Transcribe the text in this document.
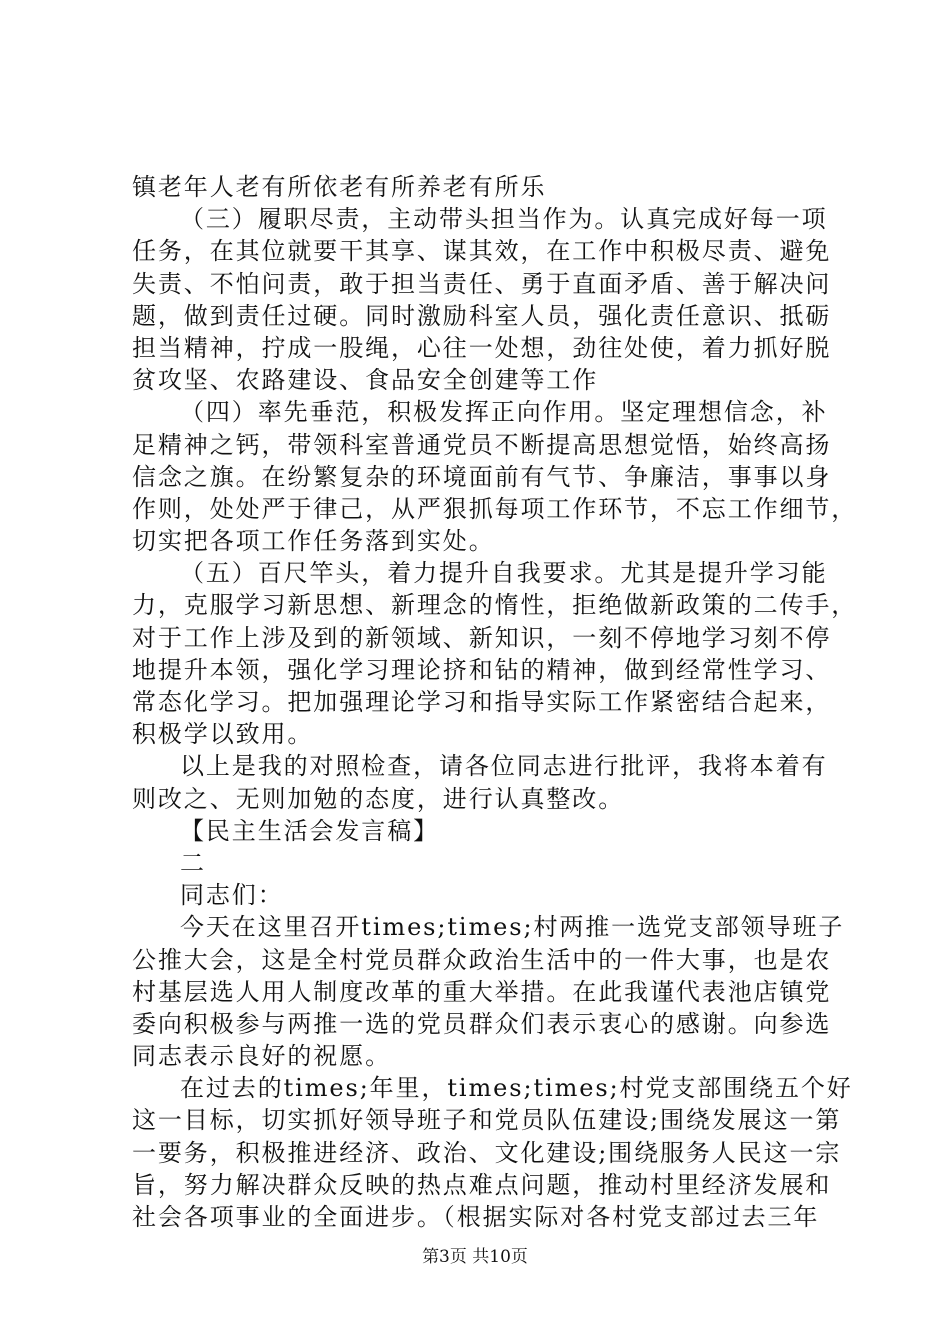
镇老年人老有所依老有所养老有所乐
（三）履职尽责，主动带头担当作为。认真完成好每一项
任务，在其位就要干其享、谋其效，在工作中积极尽责、避免
失责、不怕问责，敢于担当责任、勇于直面矛盾、善于解决问
题，做到责任过硬。同时激励科室人员，强化责任意识、抵砺
担当精神，拧成一股绳，心往一处想，劲往处使，着力抓好脱
贫攻坚、农路建设、食品安全创建等工作
（四）率先垂范，积极发挥正向作用。坚定理想信念，补
足精神之钙，带领科室普通党员不断提高思想觉悟，始终高扬
信念之旗。在纷繁复杂的环境面前有气节、争廉洁，事事以身
作则，处处严于律己，从严狠抓每项工作环节，不忘工作细节，
切实把各项工作任务落到实处。
（五）百尺竿头，着力提升自我要求。尤其是提升学习能
力，克服学习新思想、新理念的惰性，拒绝做新政策的二传手，
对于工作上涉及到的新领域、新知识，一刻不停地学习刻不停
地提升本领，强化学习理论挤和钻的精神，做到经常性学习、
常态化学习。把加强理论学习和指导实际工作紧密结合起来，
积极学以致用。
以上是我的对照检查，请各位同志进行批评，我将本着有
则改之、无则加勉的态度，进行认真整改。
【民主生活会发言稿】
二
同志们：
今天在这里召开times;times;村两推一选党支部领导班子
公推大会，这是全村党员群众政治生活中的一件大事，也是农
村基层选人用人制度改革的重大举措。在此我谨代表池店镇党
委向积极参与两推一选的党员群众们表示衷心的感谢。向参选
同志表示良好的祝愿。
在过去的times;年里，times;times;村党支部围绕五个好
这一目标，切实抓好领导班子和党员队伍建设;围绕发展这一第
一要务，积极推进经济、政治、文化建设;围绕服务人民这一宗
旨，努力解决群众反映的热点难点问题，推动村里经济发展和
社会各项事业的全面进步。（根据实际对各村党支部过去三年
第3页 共10页
